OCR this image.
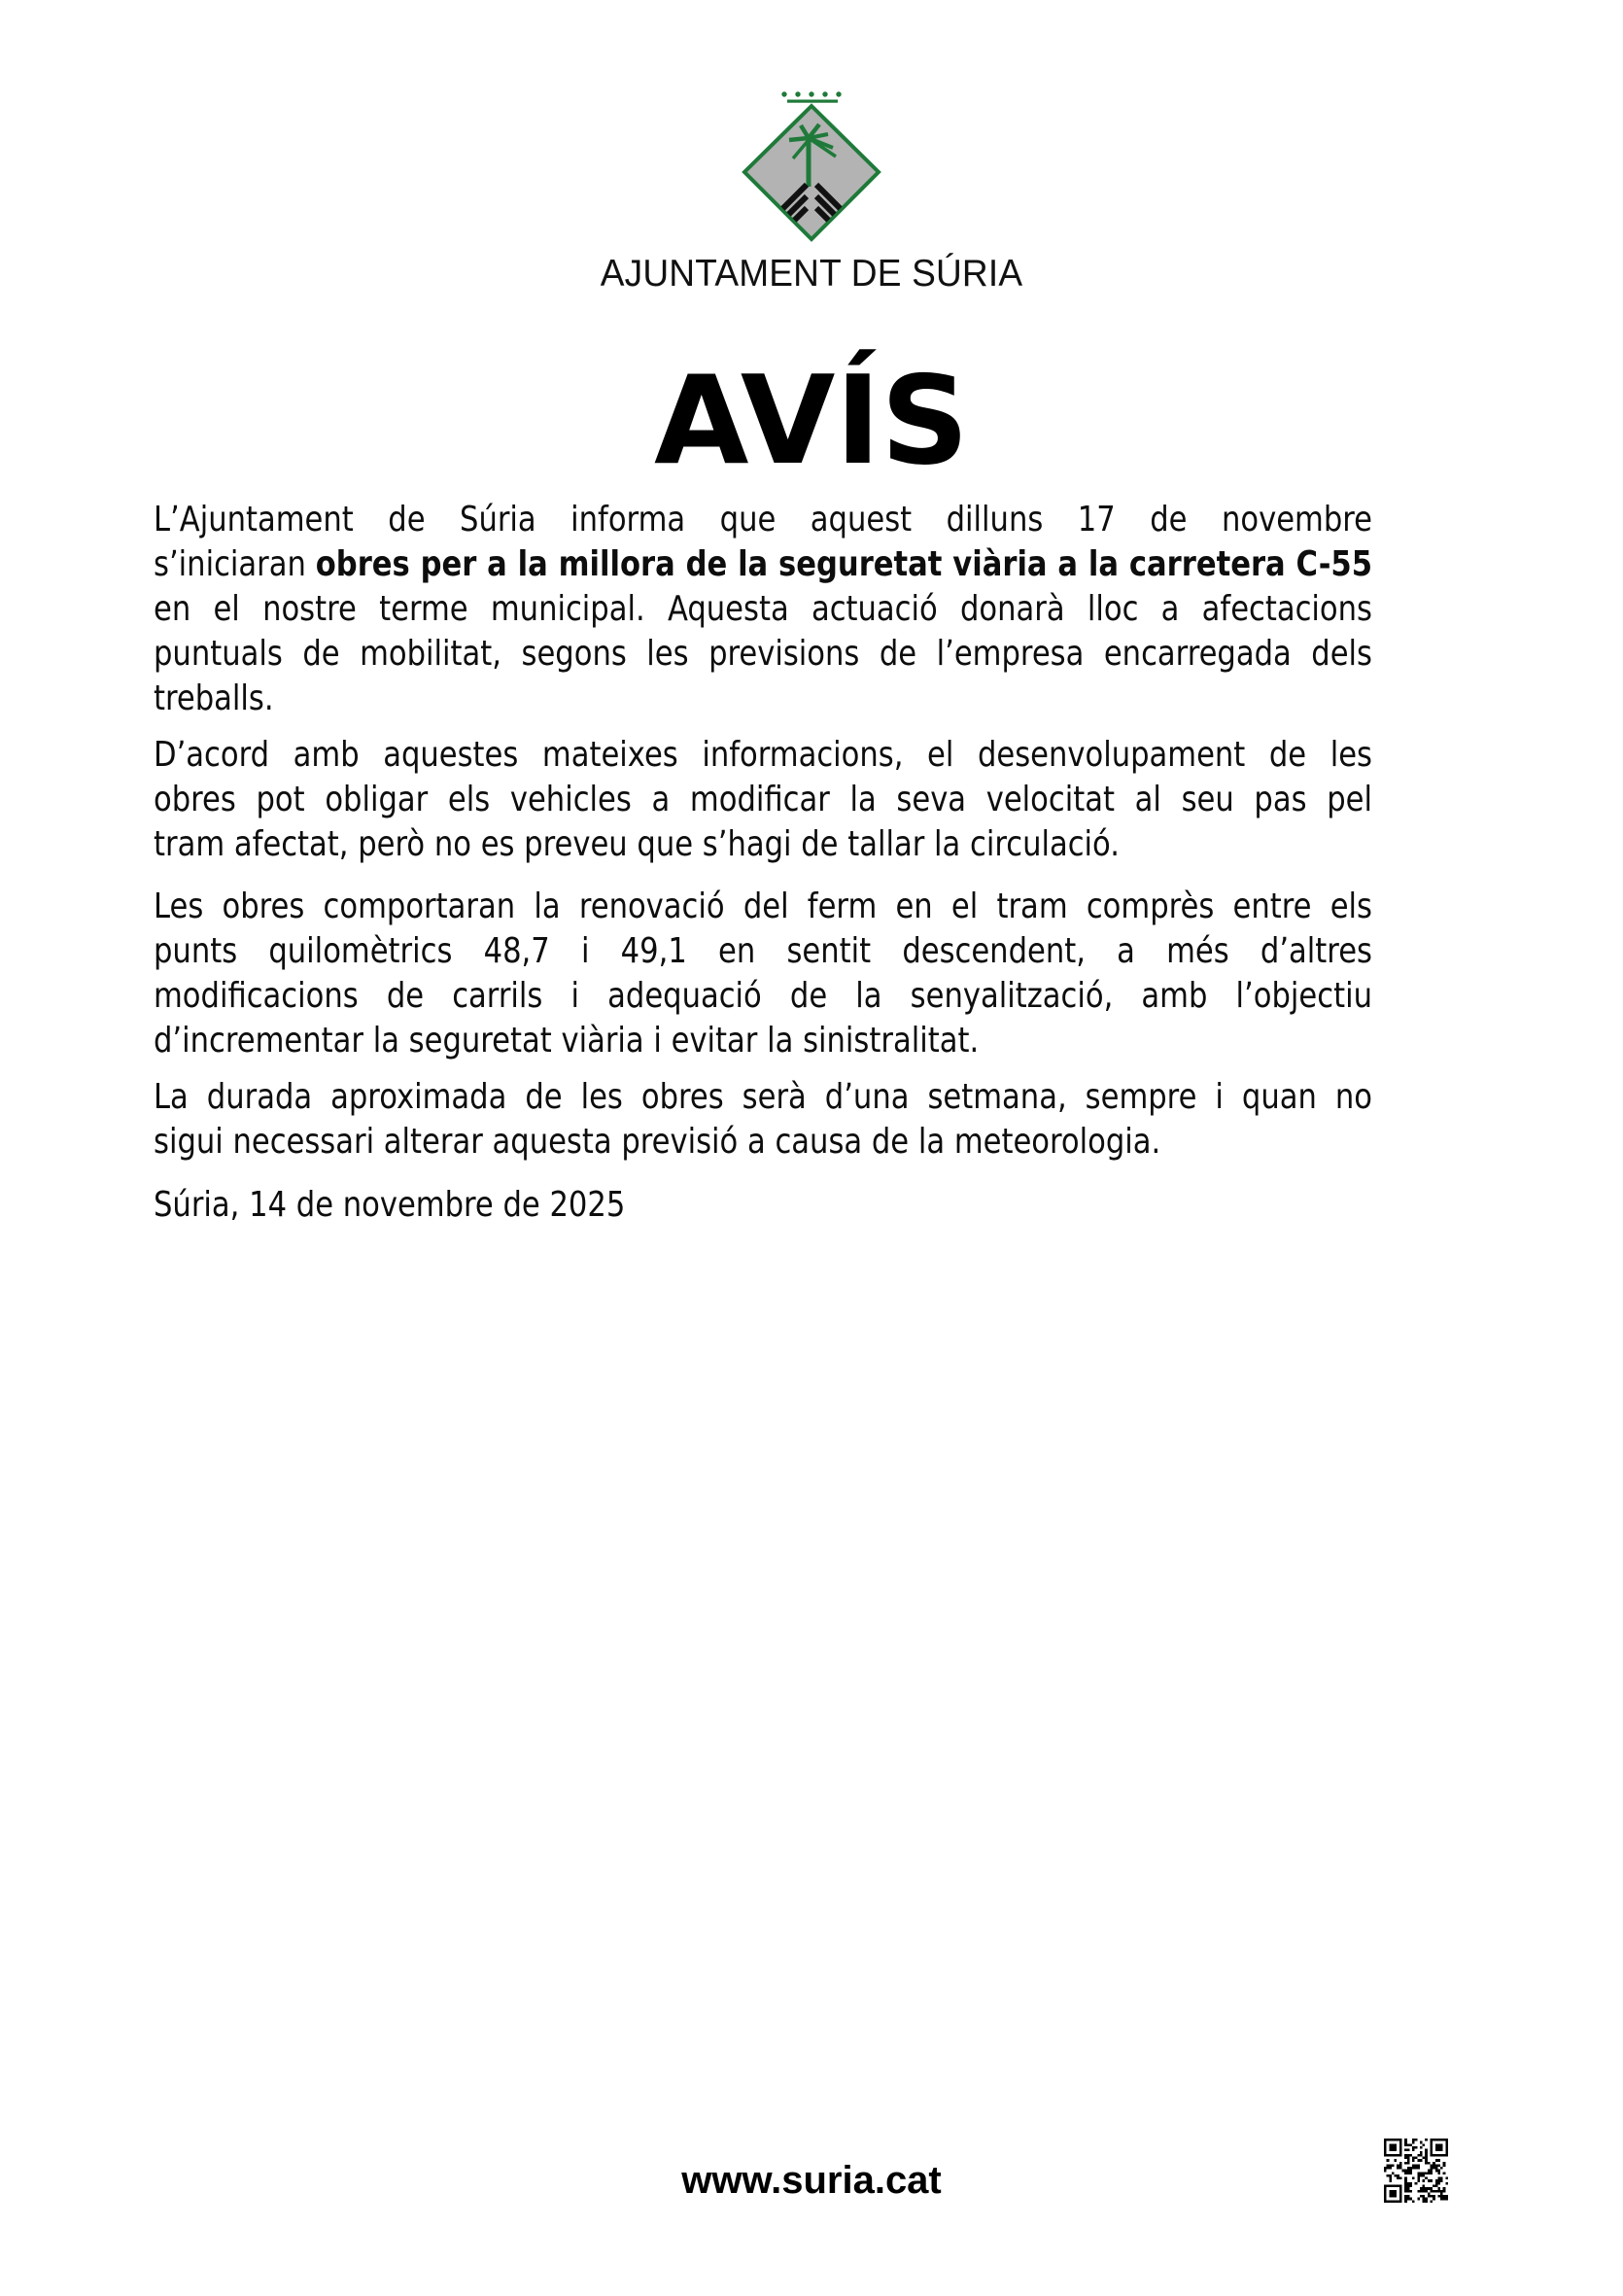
AJUNTAMENT DE SÚRIA
AVÍS
L’Ajuntament de Súria informa que aquest dilluns 17 de novembre
s’iniciaran obres per a la millora de la seguretat viària a la carretera C-55
en el nostre terme municipal. Aquesta actuació donarà lloc a afectacions
puntuals de mobilitat, segons les previsions de l’empresa encarregada dels
treballs.
D’acord amb aquestes mateixes informacions, el desenvolupament de les
obres pot obligar els vehicles a modificar la seva velocitat al seu pas pel
tram afectat, però no es preveu que s’hagi de tallar la circulació.
Les obres comportaran la renovació del ferm en el tram comprès entre els
punts quilomètrics 48,7 i 49,1 en sentit descendent, a més d’altres
modificacions de carrils i adequació de la senyalització, amb l’objectiu
d’incrementar la seguretat viària i evitar la sinistralitat.
La durada aproximada de les obres serà d’una setmana, sempre i quan no
sigui necessari alterar aquesta previsió a causa de la meteorologia.
Súria, 14 de novembre de 2025
www.suria.cat
